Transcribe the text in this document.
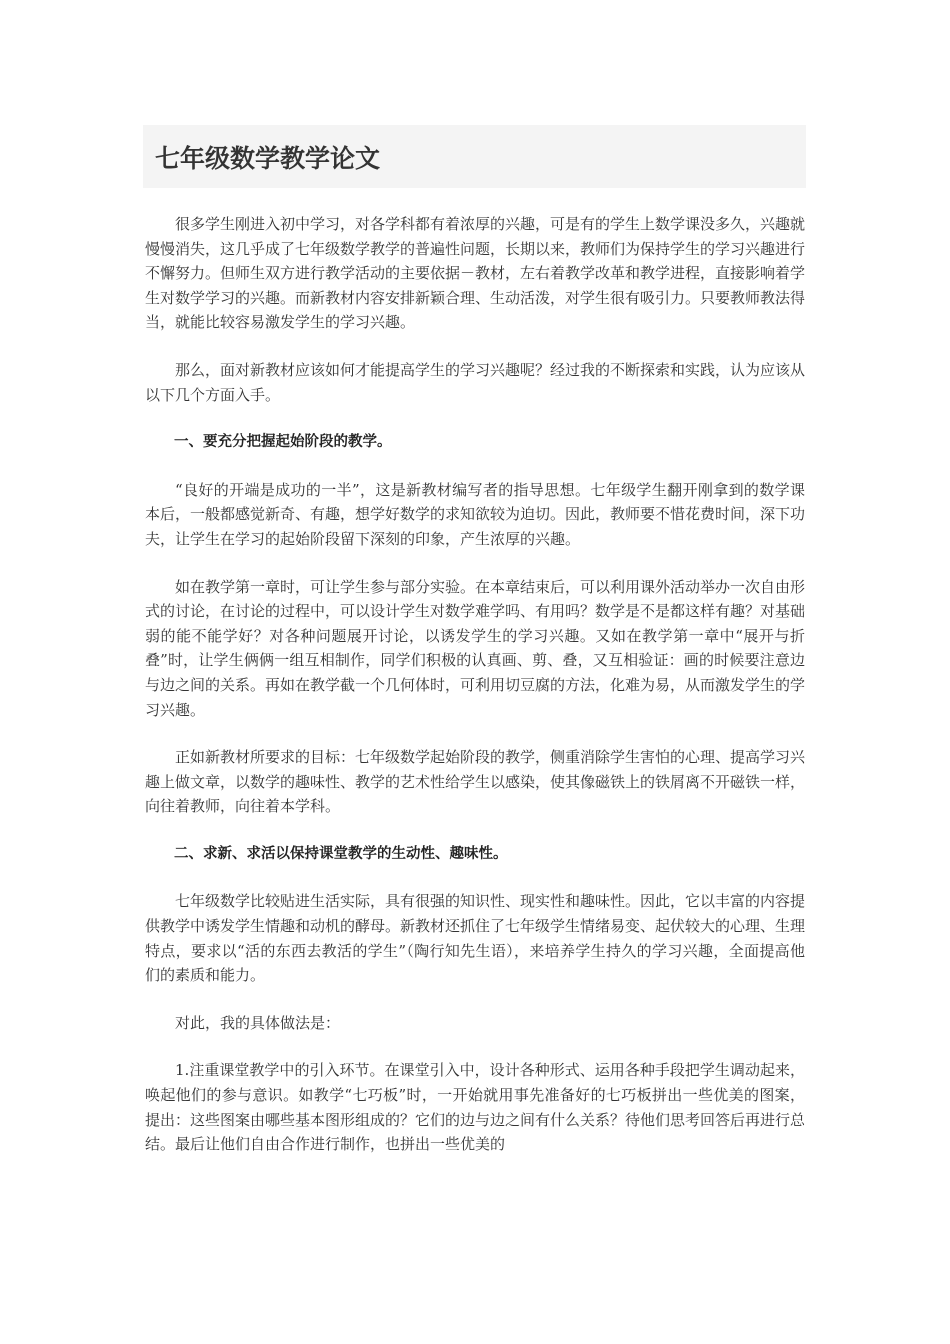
七年级数学教学论文

很多学生刚进入初中学习，对各学科都有着浓厚的兴趣，可是有的学生上数学课没多久，兴趣就慢慢消失，这几乎成了七年级数学教学的普遍性问题，长期以来，教师们为保持学生的学习兴趣进行不懈努力。但师生双方进行教学活动的主要依据－教材，左右着教学改革和教学进程，直接影响着学生对数学学习的兴趣。而新教材内容安排新颖合理、生动活泼，对学生很有吸引力。只要教师教法得当，就能比较容易激发学生的学习兴趣。

那么，面对新教材应该如何才能提高学生的学习兴趣呢？经过我的不断探索和实践，认为应该从以下几个方面入手。

一、要充分把握起始阶段的教学。

“良好的开端是成功的一半”，这是新教材编写者的指导思想。七年级学生翻开刚拿到的数学课本后，一般都感觉新奇、有趣，想学好数学的求知欲较为迫切。因此，教师要不惜花费时间，深下功夫，让学生在学习的起始阶段留下深刻的印象，产生浓厚的兴趣。

如在教学第一章时，可让学生参与部分实验。在本章结束后，可以利用课外活动举办一次自由形式的讨论，在讨论的过程中，可以设计学生对数学难学吗、有用吗？数学是不是都这样有趣？对基础弱的能不能学好？对各种问题展开讨论，以诱发学生的学习兴趣。又如在教学第一章中“展开与折叠”时，让学生俩俩一组互相制作，同学们积极的认真画、剪、叠，又互相验证：画的时候要注意边与边之间的关系。再如在教学截一个几何体时，可利用切豆腐的方法，化难为易，从而激发学生的学习兴趣。

正如新教材所要求的目标：七年级数学起始阶段的教学，侧重消除学生害怕的心理、提高学习兴趣上做文章，以数学的趣味性、教学的艺术性给学生以感染，使其像磁铁上的铁屑离不开磁铁一样，向往着教师，向往着本学科。

二、求新、求活以保持课堂教学的生动性、趣味性。

七年级数学比较贴进生活实际，具有很强的知识性、现实性和趣味性。因此，它以丰富的内容提供教学中诱发学生情趣和动机的酵母。新教材还抓住了七年级学生情绪易变、起伏较大的心理、生理特点，要求以“活的东西去教活的学生”（陶行知先生语），来培养学生持久的学习兴趣，全面提高他们的素质和能力。

对此，我的具体做法是：

1.注重课堂教学中的引入环节。在课堂引入中，设计各种形式、运用各种手段把学生调动起来，唤起他们的参与意识。如教学“七巧板”时，一开始就用事先准备好的七巧板拼出一些优美的图案，提出：这些图案由哪些基本图形组成的？它们的边与边之间有什么关系？待他们思考回答后再进行总结。最后让他们自由合作进行制作，也拼出一些优美的
